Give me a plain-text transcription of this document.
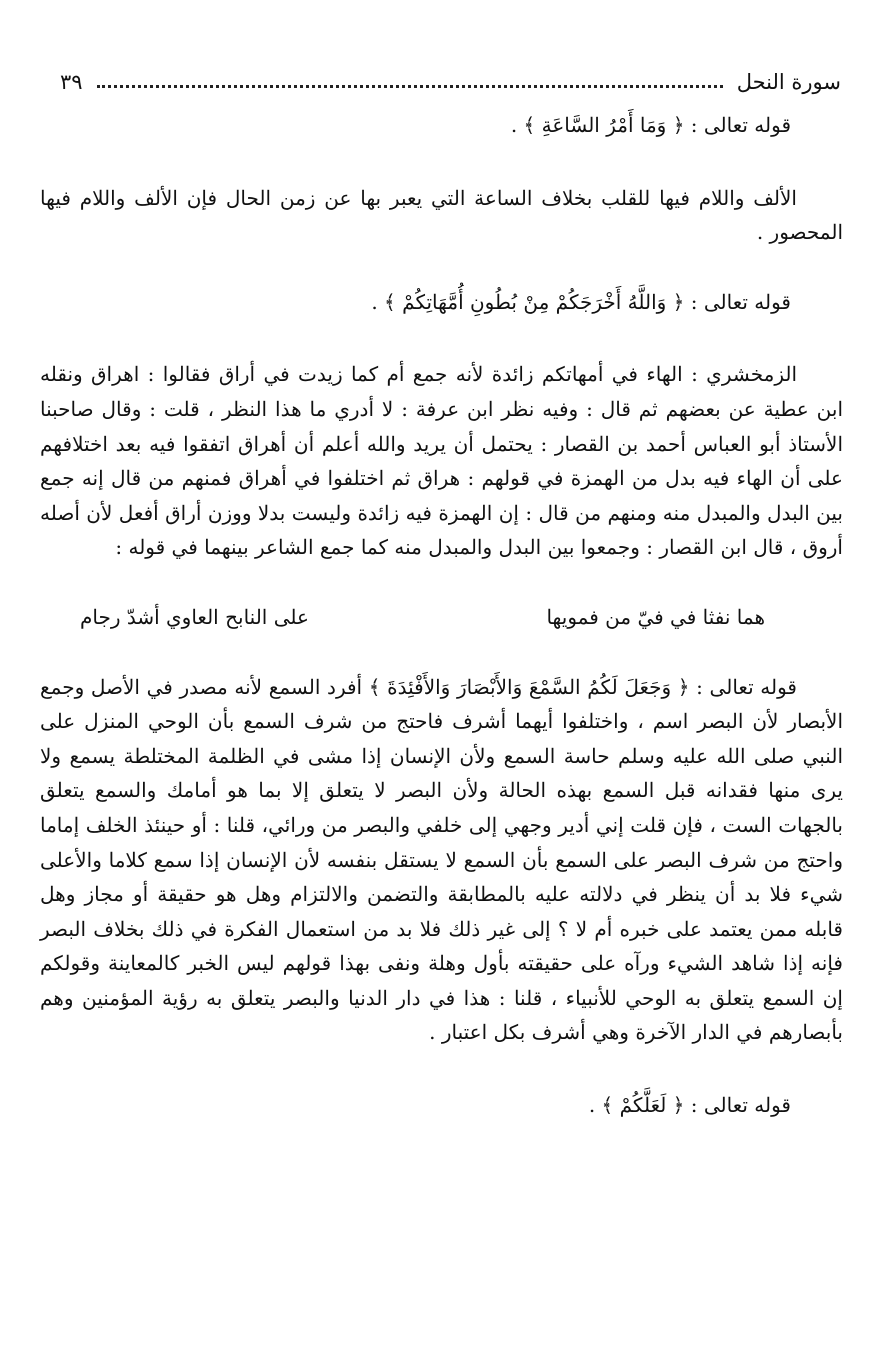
سورة النحل
٣٩

قوله تعالى : ﴿ وَمَا أَمْرُ السَّاعَةِ ﴾ .

الألف واللام فيها للقلب بخلاف الساعة التي يعبر بها عن زمن الحال فإن الألف واللام فيها المحصور .

قوله تعالى : ﴿ وَاللَّهُ أَخْرَجَكُمْ مِنْ بُطُونِ أُمَّهَاتِكُمْ ﴾ .

الزمخشري : الهاء في أمهاتكم زائدة لأنه جمع أم كما زيدت في أراق فقالوا : اهراق ونقله ابن عطية عن بعضهم ثم قال : وفيه نظر ابن عرفة : لا أدري ما هذا النظر ، قلت : وقال صاحبنا الأستاذ أبو العباس أحمد بن القصار : يحتمل أن يريد والله أعلم أن أهراق اتفقوا فيه بعد اختلافهم على أن الهاء فيه بدل من الهمزة في قولهم : هراق ثم اختلفوا في أهراق فمنهم من قال إنه جمع بين البدل والمبدل منه ومنهم من قال : إن الهمزة فيه زائدة وليست بدلا ووزن أراق أفعل لأن أصله أروق ، قال ابن القصار : وجمعوا بين البدل والمبدل منه كما جمع الشاعر بينهما في قوله :

هما نفثا في فيّ من فمويها
على النابح العاوي أشدّ رجام

قوله تعالى : ﴿ وَجَعَلَ لَكُمُ السَّمْعَ وَالأَبْصَارَ وَالأَفْئِدَةَ ﴾ أفرد السمع لأنه مصدر في الأصل وجمع الأبصار لأن البصر اسم ، واختلفوا أيهما أشرف فاحتج من شرف السمع بأن الوحي المنزل على النبي صلى الله عليه وسلم حاسة السمع ولأن الإنسان إذا مشى في الظلمة المختلطة يسمع ولا يرى منها فقدانه قبل السمع بهذه الحالة ولأن البصر لا يتعلق إلا بما هو أمامك والسمع يتعلق بالجهات الست ، فإن قلت إني أدير وجهي إلى خلفي والبصر من ورائي، قلنا : أو حينئذ الخلف إماما واحتج من شرف البصر على السمع بأن السمع لا يستقل بنفسه لأن الإنسان إذا سمع كلاما والأعلى شيء فلا بد أن ينظر في دلالته عليه بالمطابقة والتضمن والالتزام وهل هو حقيقة أو مجاز وهل قابله ممن يعتمد على خبره أم لا ؟ إلى غير ذلك فلا بد من استعمال الفكرة في ذلك بخلاف البصر فإنه إذا شاهد الشيء ورآه على حقيقته بأول وهلة ونفى بهذا قولهم ليس الخبر كالمعاينة وقولكم إن السمع يتعلق به الوحي للأنبياء ، قلنا : هذا في دار الدنيا والبصر يتعلق به رؤية المؤمنين وهم بأبصارهم في الدار الآخرة وهي أشرف بكل اعتبار .

قوله تعالى : ﴿ لَعَلَّكُمْ ﴾ .
